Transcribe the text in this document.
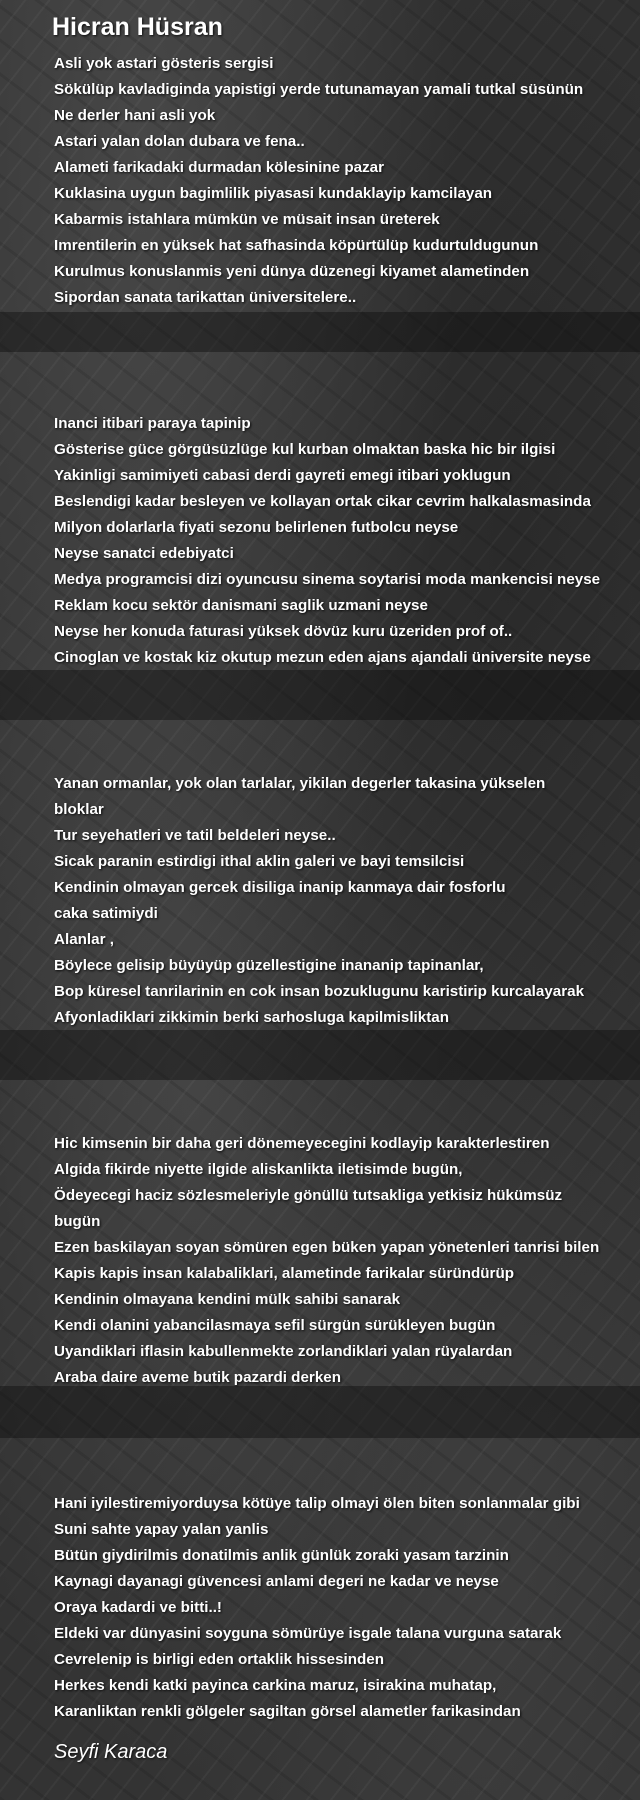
Hicran Hüsran
Asli yok astari gösteris sergisi
Sökülüp kavladiginda yapistigi yerde tutunamayan yamali tutkal süsünün
Ne derler hani asli yok
Astari yalan dolan dubara ve fena..
Alameti farikadaki durmadan kölesinine pazar
Kuklasina uygun bagimlilik piyasasi kundaklayip kamcilayan
Kabarmis istahlara mümkün ve müsait insan üreterek
Imrentilerin en yüksek hat safhasinda köpürtülüp kudurtuldugunun
Kurulmus konuslanmis yeni dünya düzenegi kiyamet alametinden
Sipordan sanata tarikattan üniversitelere..
Inanci itibari paraya tapinip
Gösterise güce görgüsüzlüge kul kurban olmaktan baska hic bir ilgisi
Yakinligi samimiyeti cabasi derdi gayreti emegi itibari yoklugun
Beslendigi kadar besleyen ve kollayan ortak cikar cevrim halkalasmasinda
Milyon dolarlarla fiyati sezonu belirlenen futbolcu neyse
Neyse sanatci edebiyatci
Medya programcisi dizi oyuncusu sinema soytarisi moda mankencisi neyse
Reklam kocu sektör danismani saglik uzmani neyse
Neyse her konuda faturasi yüksek dövüz kuru üzeriden prof of..
Cinoglan ve kostak kiz okutup mezun eden ajans ajandali üniversite neyse
Yanan ormanlar, yok olan tarlalar, yikilan degerler takasina yükselen
bloklar
Tur seyehatleri ve tatil beldeleri neyse..
Sicak paranin estirdigi ithal aklin galeri ve bayi temsilcisi
Kendinin olmayan gercek disiliga inanip kanmaya dair fosforlu
caka satimiydi
Alanlar ,
Böylece gelisip büyüyüp güzellestigine inananip tapinanlar,
Bop küresel tanrilarinin en cok insan bozuklugunu karistirip kurcalayarak
Afyonladiklari zikkimin berki sarhosluga kapilmisliktan
Hic kimsenin bir daha geri dönemeyecegini kodlayip karakterlestiren
Algida fikirde niyette ilgide aliskanlikta iletisimde bugün,
Ödeyecegi haciz sözlesmeleriyle gönüllü tutsakliga yetkisiz hükümsüz
bugün
Ezen baskilayan soyan sömüren egen büken yapan yönetenleri tanrisi bilen
Kapis kapis insan kalabaliklari, alametinde farikalar süründürüp
Kendinin olmayana kendini mülk sahibi sanarak
Kendi olanini yabancilasmaya sefil sürgün sürükleyen bugün
Uyandiklari iflasin kabullenmekte zorlandiklari yalan rüyalardan
Araba daire aveme butik pazardi derken
Hani iyilestiremiyorduysa kötüye talip olmayi ölen biten sonlanmalar gibi
Suni sahte yapay yalan yanlis
Bütün giydirilmis donatilmis anlik günlük zoraki yasam tarzinin
Kaynagi dayanagi güvencesi anlami degeri ne kadar ve neyse
Oraya kadardi ve bitti..!
Eldeki var dünyasini soyguna sömürüye isgale talana vurguna satarak
Cevrelenip is birligi eden ortaklik hissesinden
Herkes kendi katki payinca carkina maruz, isirakina muhatap,
Karanliktan renkli gölgeler sagiltan görsel alametler farikasindan
Seyfi Karaca
